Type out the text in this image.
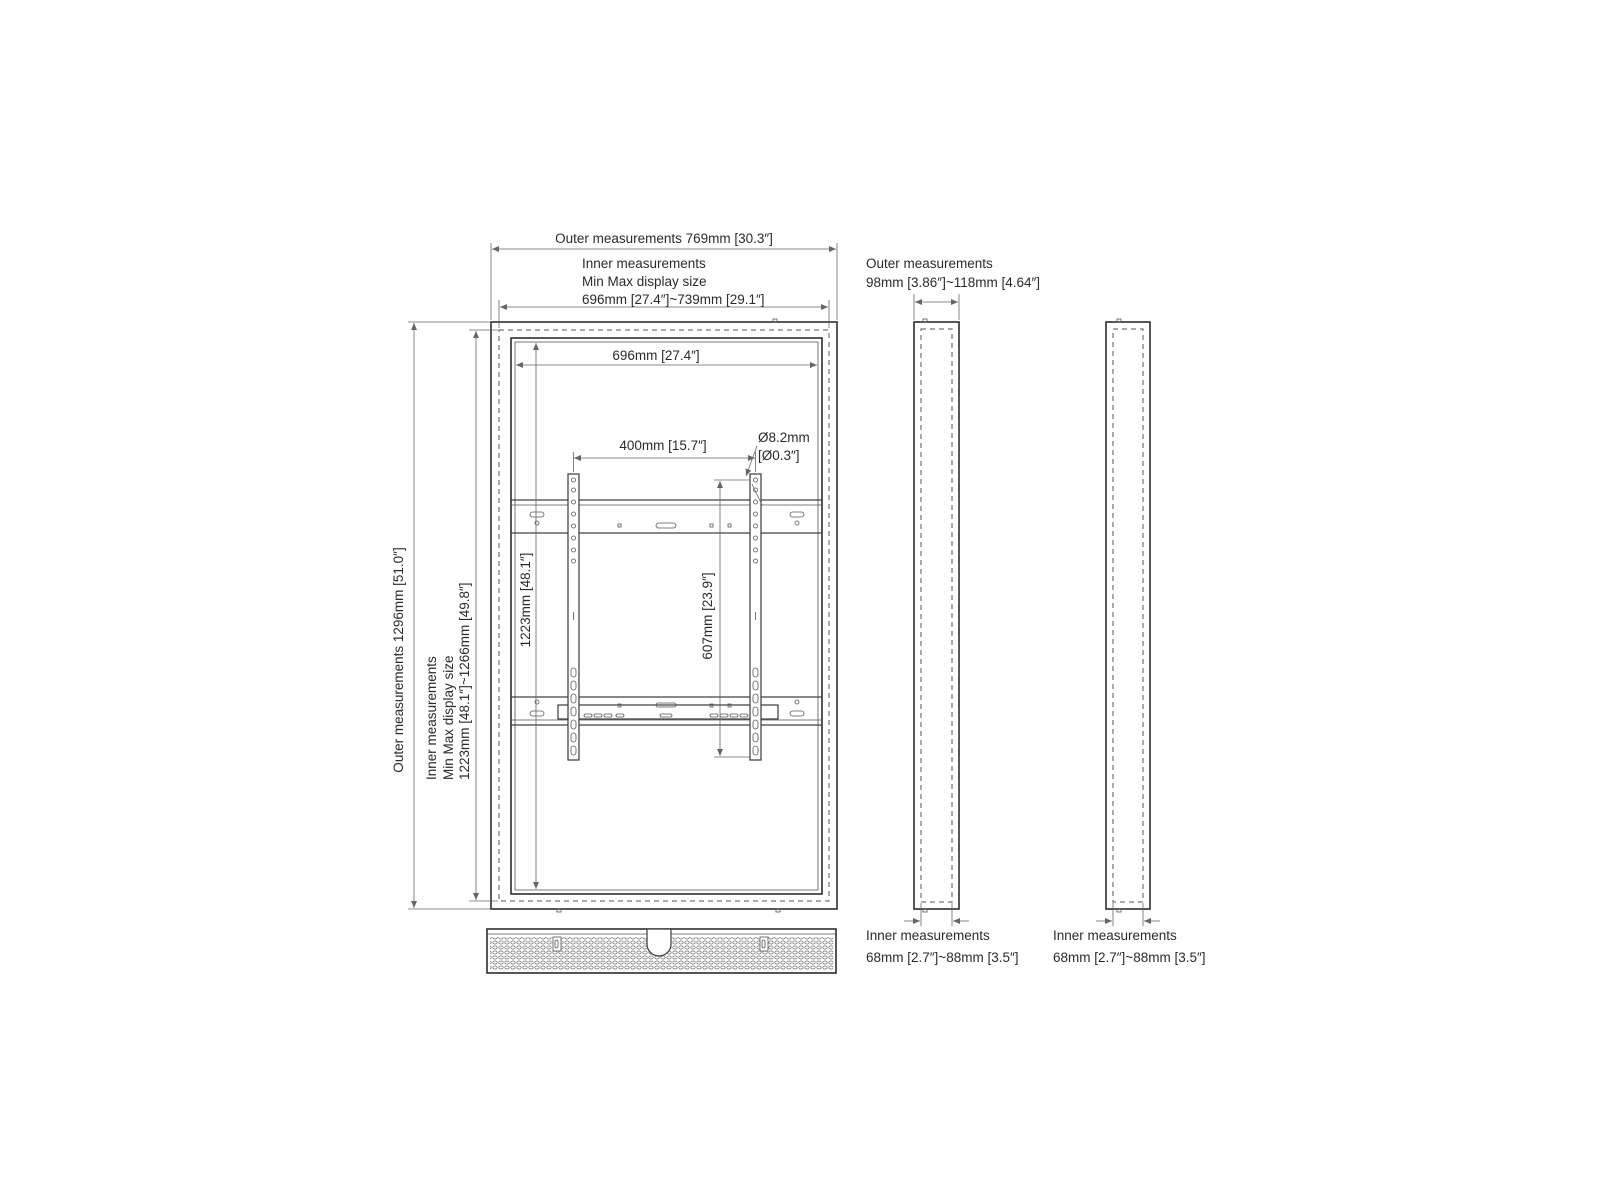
Outer measurements 769mm [30.3″]
Inner measurements
Min Max display size
696mm [27.4″]~739mm [29.1″]
696mm [27.4″]
400mm [15.7″]
Ø8.2mm
[Ø0.3″]
1223mm [48.1″]	607mm [23.9″]
Outer measurements 1296mm [51.0″] Inner measurements Min Max display size 1223mm [48.1″]~1266mm [49.8″]
Outer measurements
98mm [3.86″]~118mm [4.64″]
Inner measurements
68mm [2.7″]~88mm [3.5″]
Inner measurements
68mm [2.7″]~88mm [3.5″]
